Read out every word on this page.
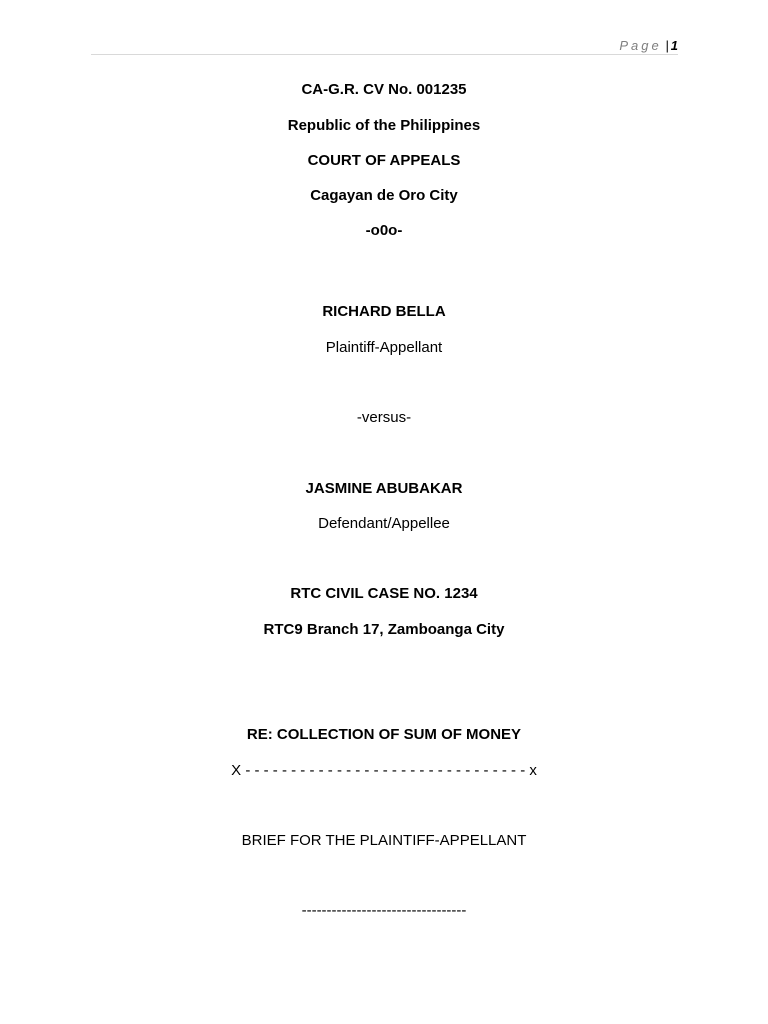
Page | 1
CA-G.R. CV No. 001235
Republic of the Philippines
COURT OF APPEALS
Cagayan de Oro City
-o0o-
RICHARD BELLA
Plaintiff-Appellant
-versus-
JASMINE ABUBAKAR
Defendant/Appellee
RTC CIVIL CASE NO. 1234
RTC9 Branch 17, Zamboanga City
RE: COLLECTION OF SUM OF MONEY
X - - - - - - - - - - - - - - - - - - - - - - - - - - - - - - - x
BRIEF FOR THE PLAINTIFF-APPELLANT
---------------------------------
